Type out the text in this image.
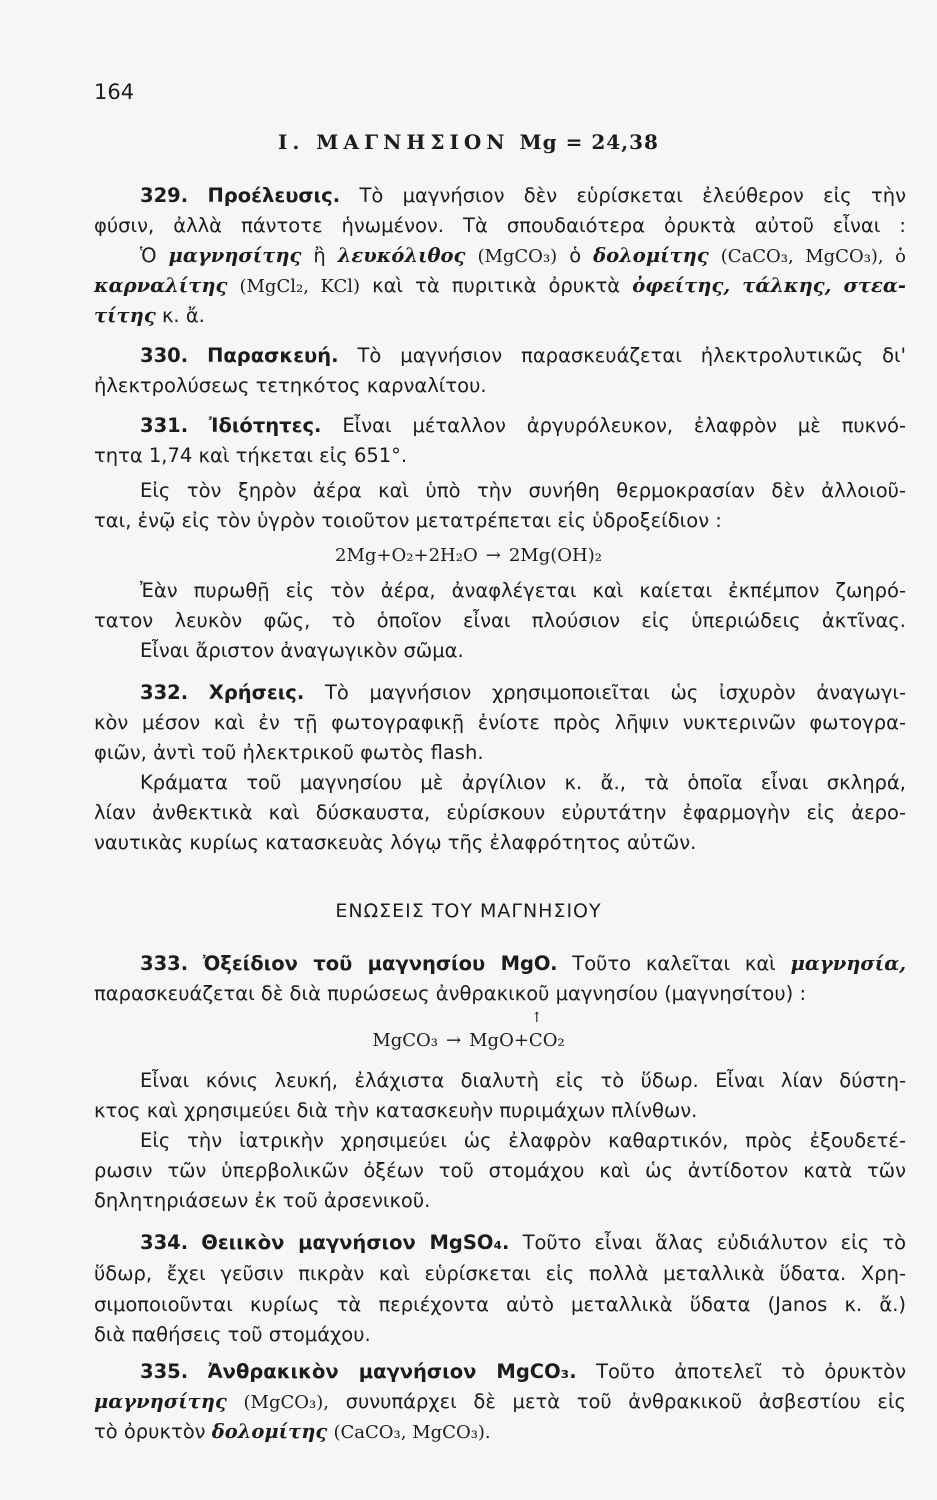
164
I. ΜΑΓΝΗΣΙΟΝ Mg = 24,38
329. Προέλευσις. Τὸ μαγνήσιον δὲν εὑρίσκεται ἐλεύθερον εἰς τὴν
φύσιν, ἀλλὰ πάντοτε ἡνωμένον. Τὰ σπουδαιότερα ὀρυκτὰ αὐτοῦ εἶναι :
Ὁ μαγνησίτης ἢ λευκόλιθος (MgCO₃) ὁ δολομίτης (CaCO₃, MgCO₃), ὁ
καρναλίτης (MgCl₂, KCl) καὶ τὰ πυριτικὰ ὀρυκτὰ ὀφείτης, τάλκης, στεα-
τίτης κ. ἄ.
330. Παρασκευή. Τὸ μαγνήσιον παρασκευάζεται ἠλεκτρολυτικῶς δι'
ἠλεκτρολύσεως τετηκότος καρναλίτου.
331. Ἰδιότητες. Εἶναι μέταλλον ἀργυρόλευκον, ἐλαφρὸν μὲ πυκνό-
τητα 1,74 καὶ τήκεται εἰς 651°.
Εἰς τὸν ξηρὸν ἀέρα καὶ ὑπὸ τὴν συνήθη θερμοκρασίαν δὲν ἀλλοιοῦ-
ται, ἐνῷ εἰς τὸν ὑγρὸν τοιοῦτον μετατρέπεται εἰς ὑδροξείδιον :
2Mg+O₂+2H₂O → 2Mg(OH)₂
Ἐὰν πυρωθῇ εἰς τὸν ἀέρα, ἀναφλέγεται καὶ καίεται ἐκπέμπον ζωηρό-
τατον λευκὸν φῶς, τὸ ὁποῖον εἶναι πλούσιον εἰς ὑπεριώδεις ἀκτῖνας.
Εἶναι ἄριστον ἀναγωγικὸν σῶμα.
332. Χρήσεις. Τὸ μαγνήσιον χρησιμοποιεῖται ὡς ἰσχυρὸν ἀναγωγι-
κὸν μέσον καὶ ἐν τῇ φωτογραφικῇ ἐνίοτε πρὸς λῆψιν νυκτερινῶν φωτογρα-
φιῶν, ἀντὶ τοῦ ἠλεκτρικοῦ φωτὸς flash.
Κράματα τοῦ μαγνησίου μὲ ἀργίλιον κ. ἄ., τὰ ὁποῖα εἶναι σκληρά,
λίαν ἀνθεκτικὰ καὶ δύσκαυστα, εὑρίσκουν εὐρυτάτην ἐφαρμογὴν εἰς ἀερο-
ναυτικὰς κυρίως κατασκευὰς λόγῳ τῆς ἐλαφρότητος αὐτῶν.
ΕΝΩΣΕΙΣ ΤΟΥ ΜΑΓΝΗΣΙΟΥ
333. Ὀξείδιον τοῦ μαγνησίου MgO. Τοῦτο καλεῖται καὶ μαγνησία,
παρασκευάζεται δὲ διὰ πυρώσεως ἀνθρακικοῦ μαγνησίου (μαγνησίτου) :
MgCO₃ → MgO+
↑
CO₂
Εἶναι κόνις λευκή, ἐλάχιστα διαλυτὴ εἰς τὸ ὕδωρ. Εἶναι λίαν δύστη-
κτος καὶ χρησιμεύει διὰ τὴν κατασκευὴν πυριμάχων πλίνθων.
Εἰς τὴν ἰατρικὴν χρησιμεύει ὡς ἐλαφρὸν καθαρτικόν, πρὸς ἐξουδετέ-
ρωσιν τῶν ὑπερβολικῶν ὀξέων τοῦ στομάχου καὶ ὡς ἀντίδοτον κατὰ τῶν
δηλητηριάσεων ἐκ τοῦ ἀρσενικοῦ.
334. Θειικὸν μαγνήσιον MgSO₄. Τοῦτο εἶναι ἅλας εὐδιάλυτον εἰς τὸ
ὕδωρ, ἔχει γεῦσιν πικρὰν καὶ εὑρίσκεται εἰς πολλὰ μεταλλικὰ ὕδατα. Χρη-
σιμοποιοῦνται κυρίως τὰ περιέχοντα αὐτὸ μεταλλικὰ ὕδατα (Janos κ. ἄ.)
διὰ παθήσεις τοῦ στομάχου.
335. Ἀνθρακικὸν μαγνήσιον MgCO₃. Τοῦτο ἀποτελεῖ τὸ ὀρυκτὸν
μαγνησίτης (MgCO₃), συνυπάρχει δὲ μετὰ τοῦ ἀνθρακικοῦ ἀσβεστίου εἰς
τὸ ὀρυκτὸν δολομίτης (CaCO₃, MgCO₃).
